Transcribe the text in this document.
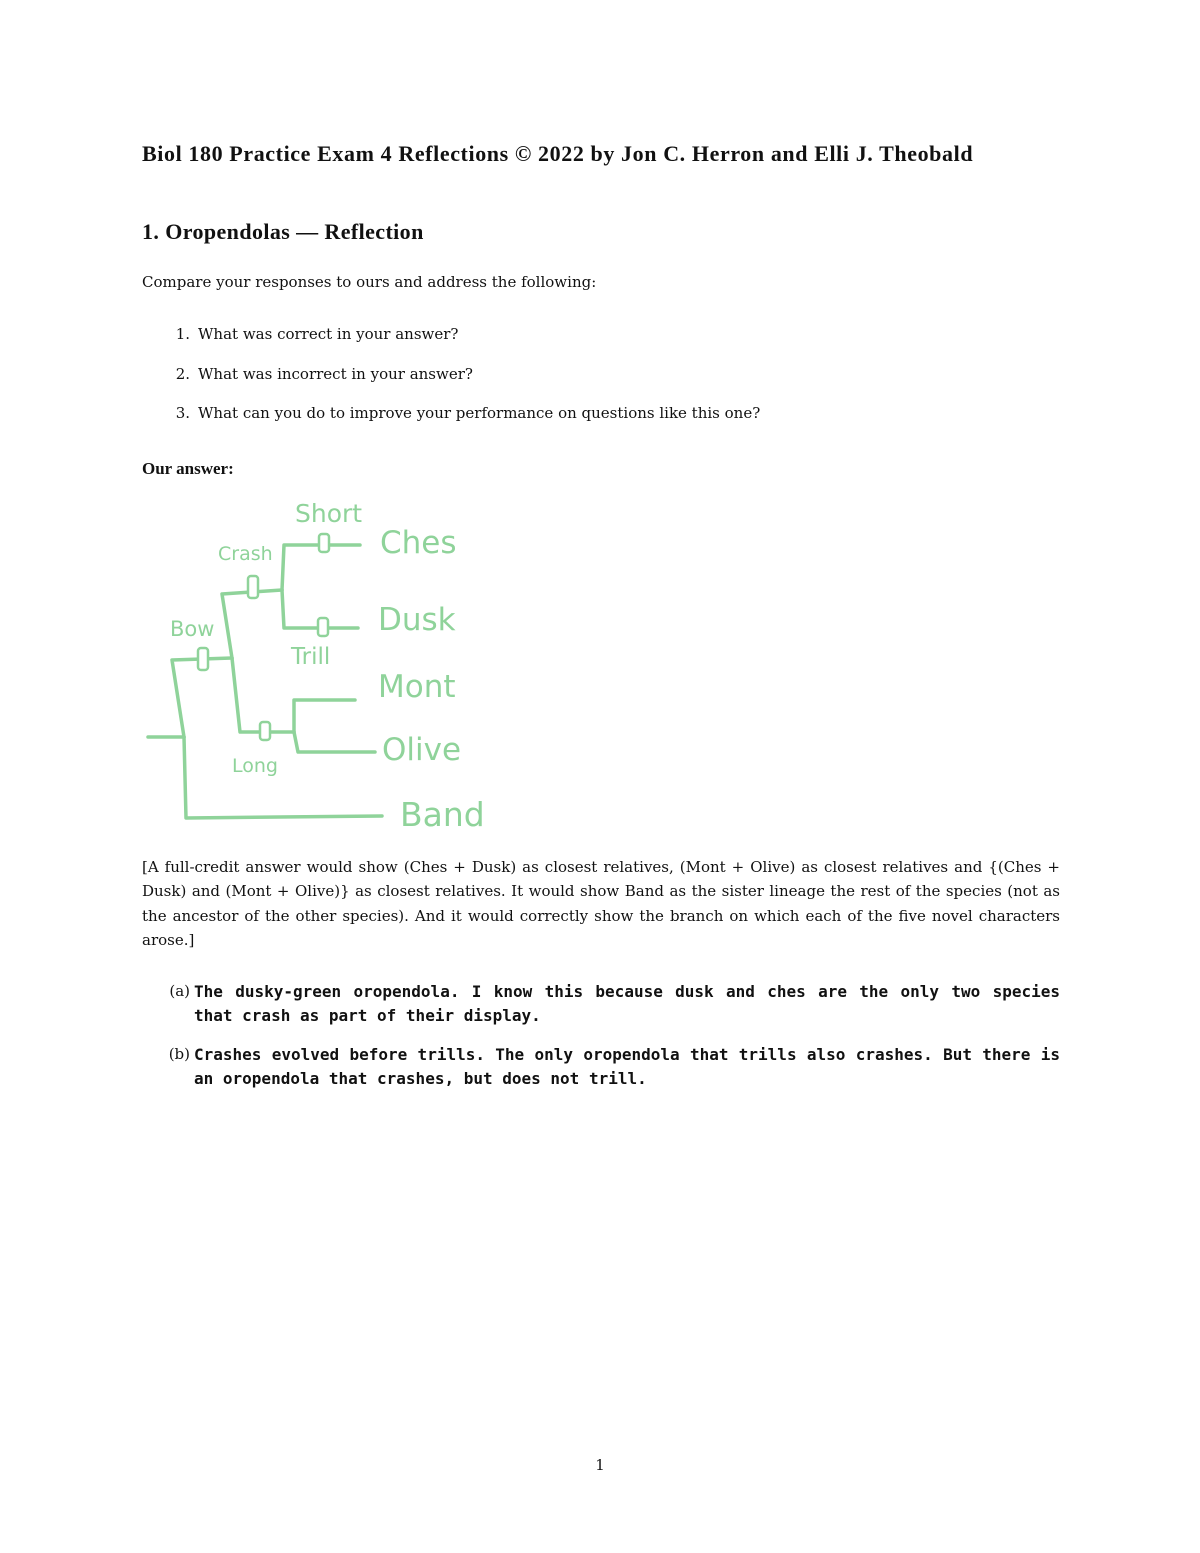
Biol 180 Practice Exam 4 Reflections © 2022 by Jon C. Herron and Elli J. Theobald
1. Oropendolas — Reflection

Compare your responses to ours and address the following:

1. What was correct in your answer?
2. What was incorrect in your answer?
3. What can you do to improve your performance on questions like this one?

Our answer:

Ches
Dusk
Mont
Olive
Band
Short
Crash
Bow
Trill
Long

[A full-credit answer would show (Ches + Dusk) as closest relatives, (Mont + Olive) as closest relatives and {(Ches + Dusk) and (Mont + Olive)} as closest relatives. It would show Band as the sister lineage the rest of the species (not as the ancestor of the other species). And it would correctly show the branch on which each of the five novel characters arose.]

(a) The dusky-green oropendola. I know this because dusk and ches are the only two species that crash as part of their display.
(b) Crashes evolved before trills. The only oropendola that trills also crashes. But there is an oropendola that crashes, but does not trill.

1
